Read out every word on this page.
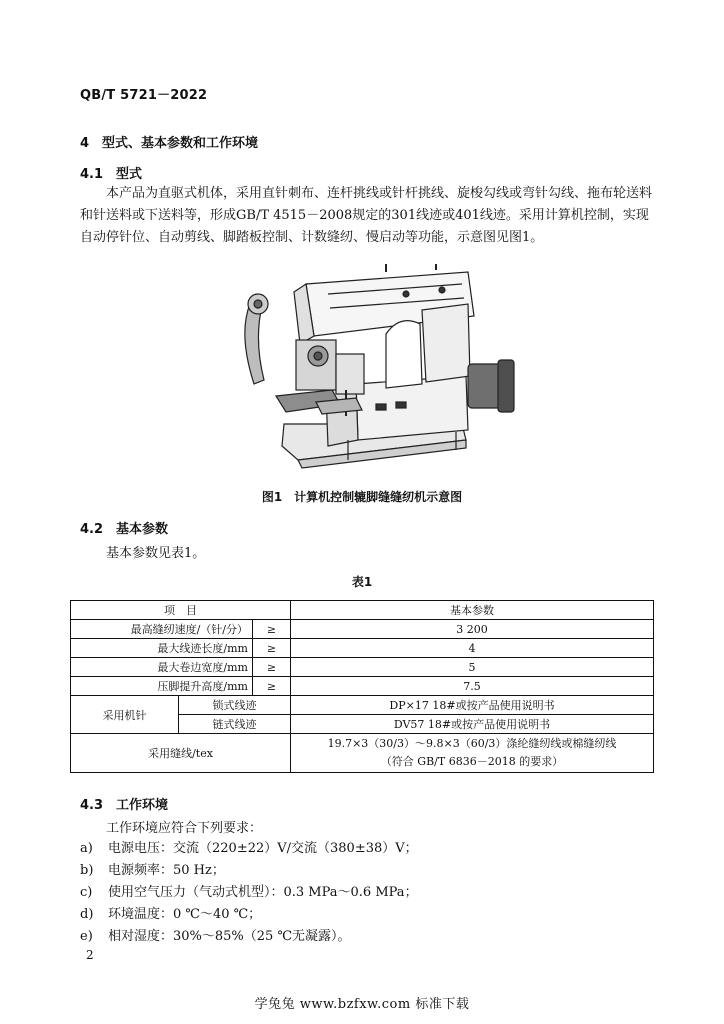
QB/T 5721－2022
4　型式、基本参数和工作环境
4.1　型式
本产品为直驱式机体，采用直针刺布、连杆挑线或针杆挑线、旋梭勾线或弯针勾线、拖布轮送料和针送料或下送料等，形成GB/T 4515－2008规定的301线迹或401线迹。采用计算机控制，实现自动停针位、自动剪线、脚踏板控制、计数缝纫、慢启动等功能，示意图见图1。
图1　计算机控制辘脚缝缝纫机示意图
4.2　基本参数
基本参数见表1。
表1
项　目			基本参数
最高缝纫速度/（针/分）		≥	3 200
最大线迹长度/mm		≥	4
最大卷边宽度/mm		≥	5
压脚提升高度/mm		≥	7.5
采用机针	锁式线迹		DP×17 18#或按产品使用说明书
	链式线迹		DV57 18#或按产品使用说明书
采用缝线/tex			19.7×3（30/3）～9.8×3（60/3）涤纶缝纫线或棉缝纫线
（符合 GB/T 6836－2018 的要求）
4.3　工作环境
工作环境应符合下列要求：
a)	电源电压：交流（220±22）V/交流（380±38）V；
b)	电源频率：50 Hz；
c)	使用空气压力（气动式机型）：0.3 MPa～0.6 MPa；
d)	环境温度：0 ℃～40 ℃；
e)	相对湿度：30%～85%（25 ℃无凝露）。
2
学兔兔 www.bzfxw.com 标准下载
